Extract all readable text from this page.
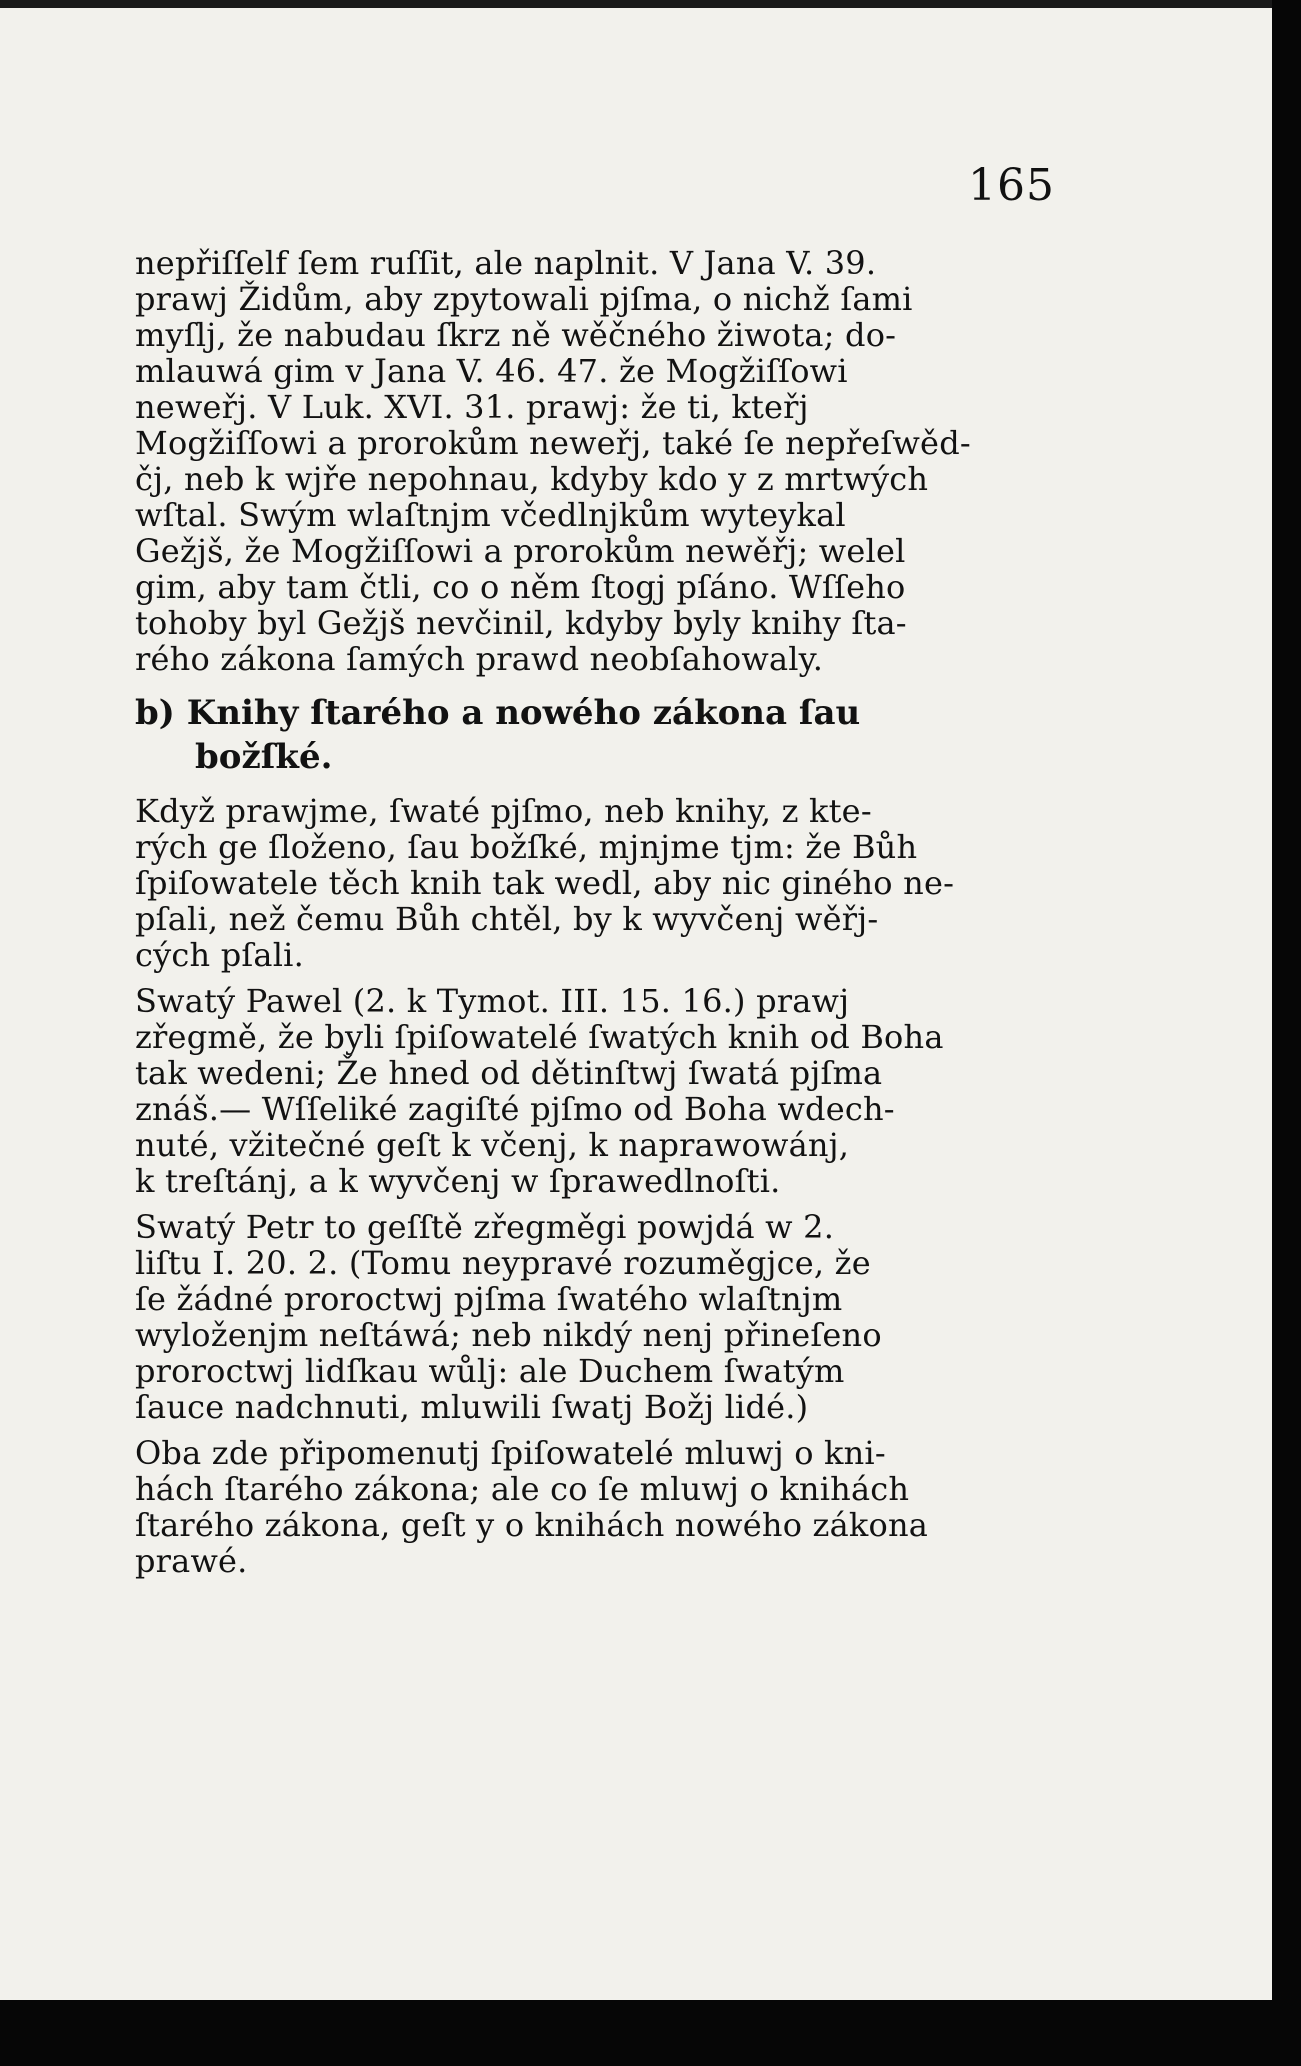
165
nepřiſſelf ſem ruſſit, ale naplnit. V Jana V. 39.
prawj Židům, aby zpytowali pjſma, o nichž ſami
myſlj, že nabudau ſkrz ně wěčného žiwota; do-
mlauwá gim v Jana V. 46. 47. že Mogžiſſowi
neweřj. V Luk. XVI. 31. prawj: že ti, kteřj
Mogžiſſowi a prorokům neweřj, také ſe nepřeſwěd-
čj, neb k wjře nepohnau, kdyby kdo y z mrtwých
wſtal. Swým wlaſtnjm včedlnjkům wyteykal
Gežjš, že Mogžiſſowi a prorokům newěřj; welel
gim, aby tam čtli, co o něm ſtogj pſáno. Wſſeho
tohoby byl Gežjš nevčinil, kdyby byly knihy ſta-
rého zákona ſamých prawd neobſahowaly.
b) Knihy ſtarého a nowého zákona ſau
božſké.
Když prawjme, ſwaté pjſmo, neb knihy, z kte-
rých ge ſloženo, ſau božſké, mjnjme tjm: že Bůh
ſpiſowatele těch knih tak wedl, aby nic giného ne-
pſali, než čemu Bůh chtěl, by k wyvčenj wěřj-
cých pſali.
Swatý Pawel (2. k Tymot. III. 15. 16.) prawj
zřegmě, že byli ſpiſowatelé ſwatých knih od Boha
tak wedeni; Že hned od dětinſtwj ſwatá pjſma
znáš.— Wſſeliké zagiſté pjſmo od Boha wdech-
nuté, vžitečné geſt k včenj, k naprawowánj,
k treſtánj, a k wyvčenj w ſprawedlnoſti.
Swatý Petr to geſſtě zřegměgi powjdá w 2.
liſtu I. 20. 2. (Tomu neypravé rozuměgjce, že
ſe žádné proroctwj pjſma ſwatého wlaſtnjm
wyloženjm neſtáwá; neb nikdý nenj přineſeno
proroctwj lidſkau wůlj: ale Duchem ſwatým
ſauce nadchnuti, mluwili ſwatj Božj lidé.)
Oba zde připomenutj ſpiſowatelé mluwj o kni-
hách ſtarého zákona; ale co ſe mluwj o knihách
ſtarého zákona, geſt y o knihách nowého zákona
prawé.
